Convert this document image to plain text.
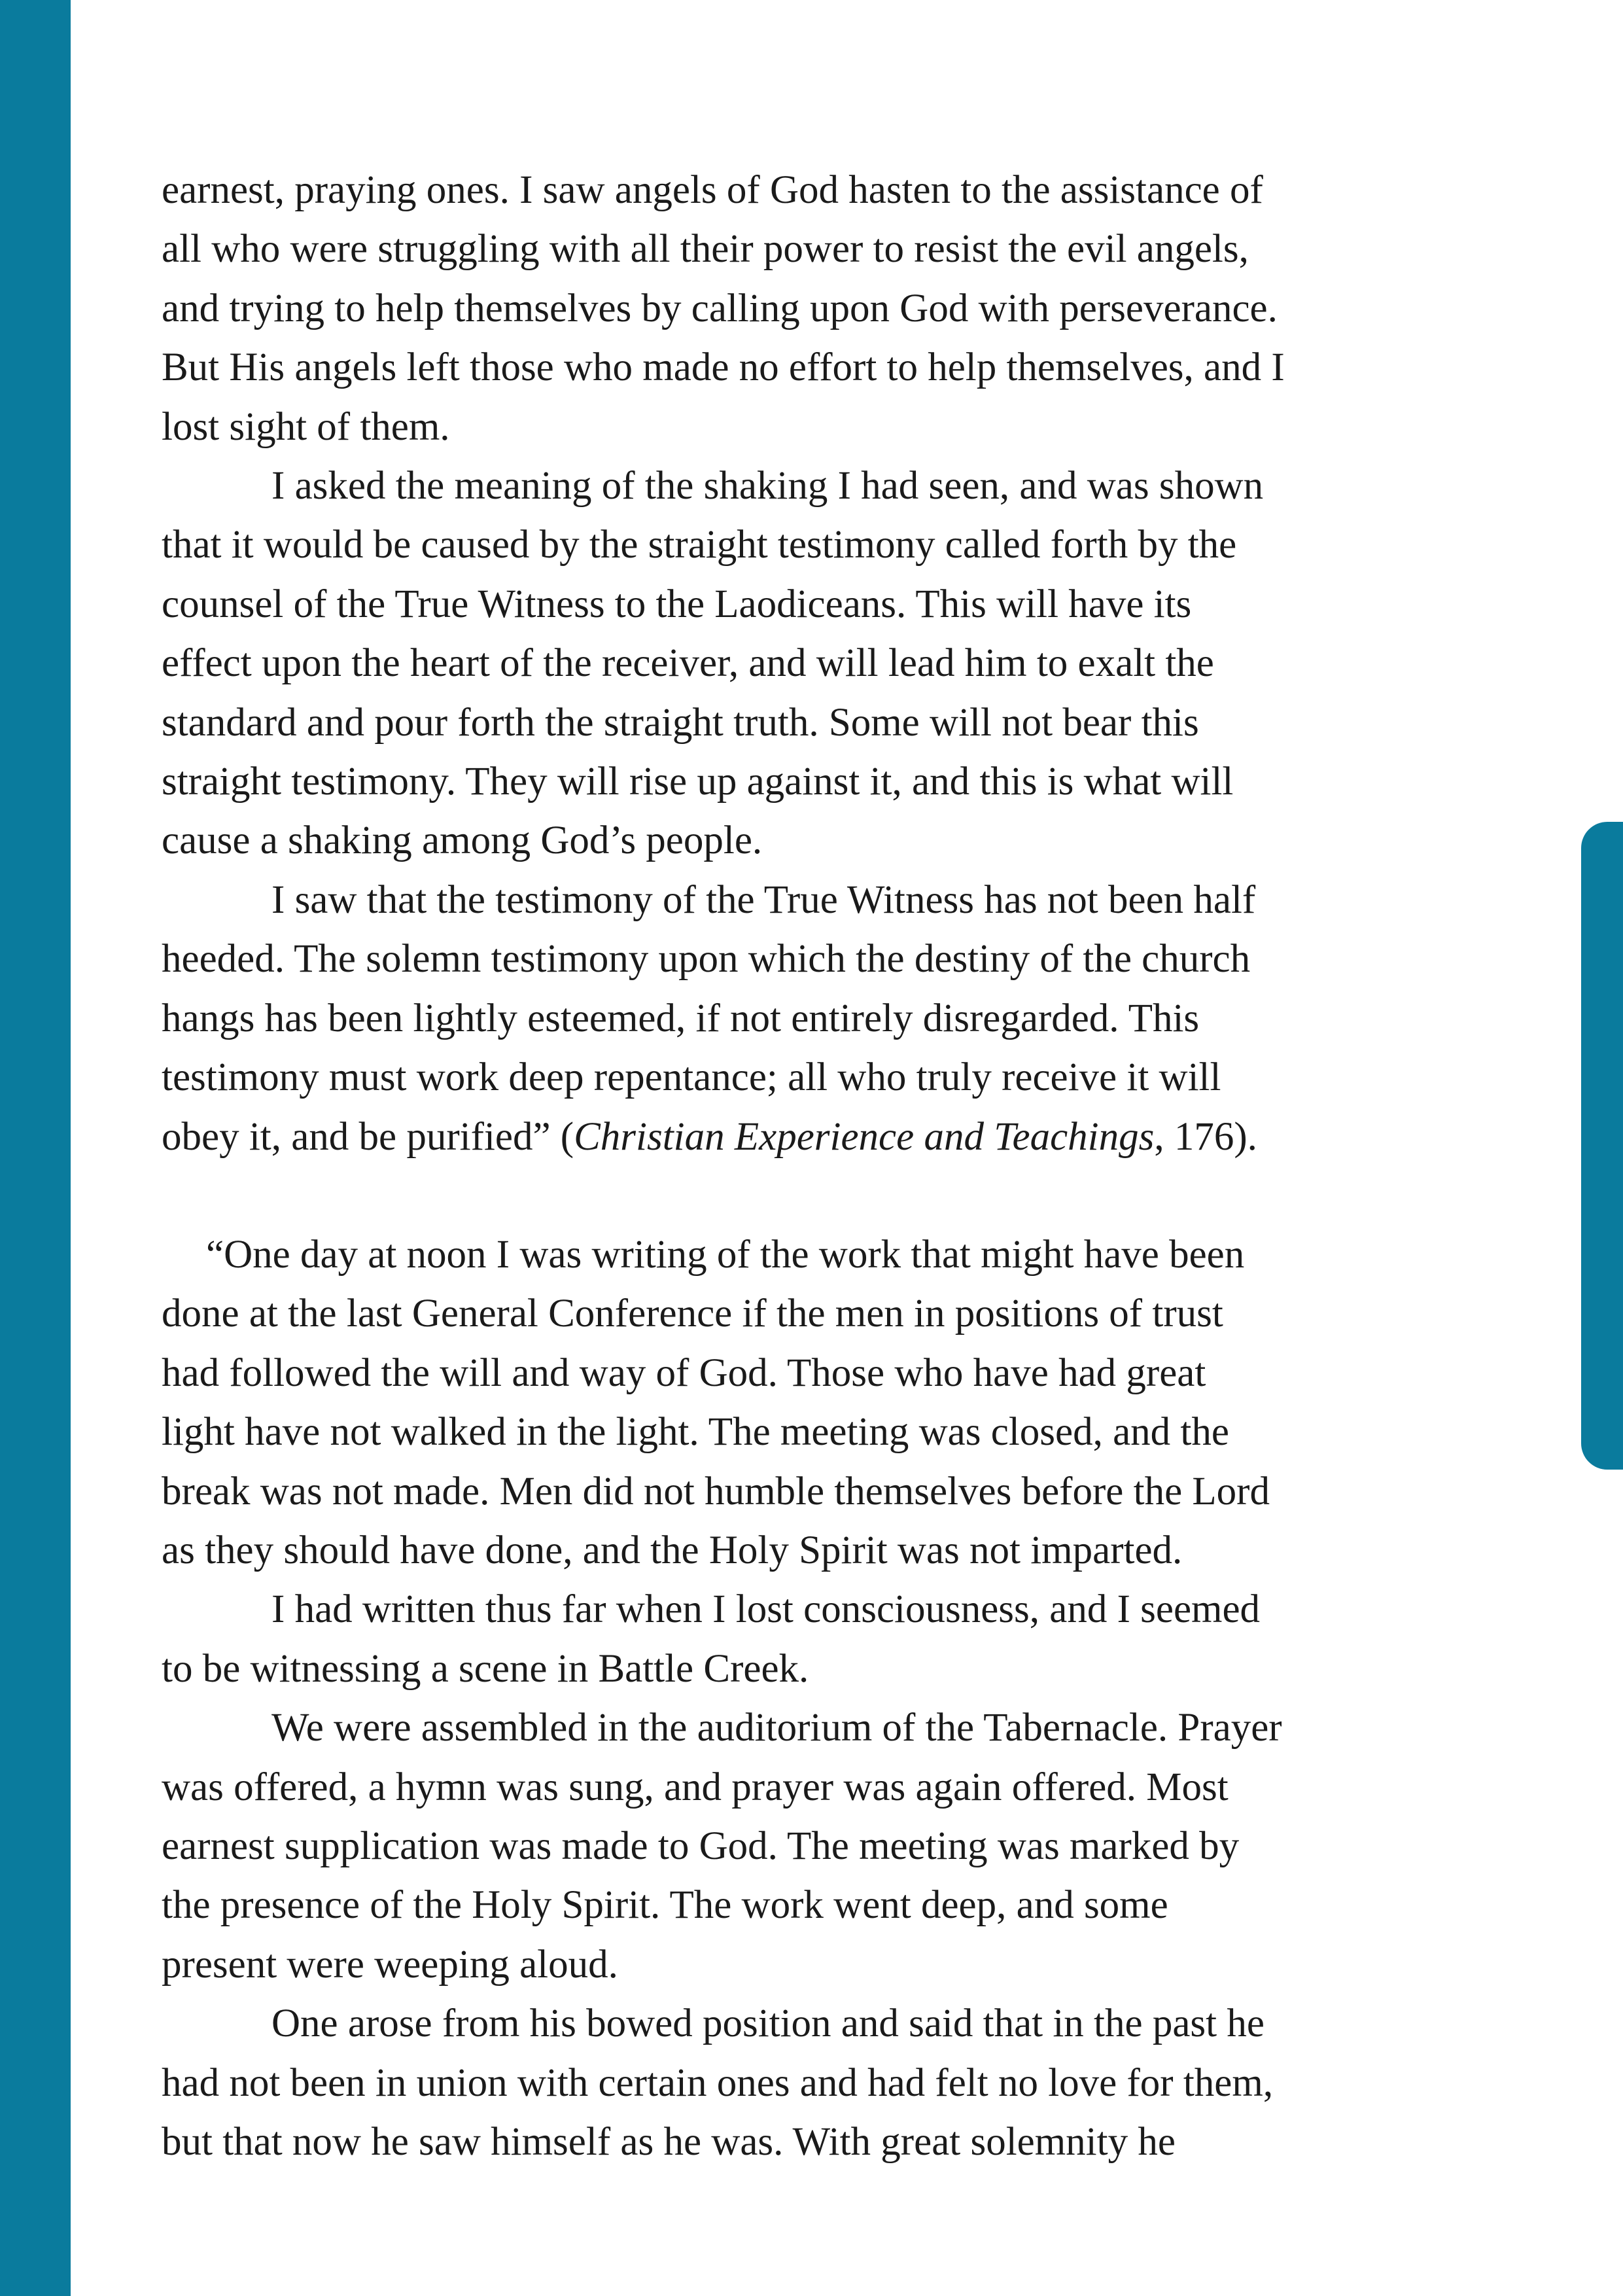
earnest, praying ones. I saw angels of God hasten to the assistance of
all who were struggling with all their power to resist the evil angels,
and trying to help themselves by calling upon God with perseverance.
But His angels left those who made no effort to help themselves, and I
lost sight of them.
I asked the meaning of the shaking I had seen, and was shown
that it would be caused by the straight testimony called forth by the
counsel of the True Witness to the Laodiceans. This will have its
effect upon the heart of the receiver, and will lead him to exalt the
standard and pour forth the straight truth. Some will not bear this
straight testimony. They will rise up against it, and this is what will
cause a shaking among God’s people.
I saw that the testimony of the True Witness has not been half
heeded. The solemn testimony upon which the destiny of the church
hangs has been lightly esteemed, if not entirely disregarded. This
testimony must work deep repentance; all who truly receive it will
obey it, and be purified” (Christian Experience and Teachings, 176).
“One day at noon I was writing of the work that might have been
done at the last General Conference if the men in positions of trust
had followed the will and way of God. Those who have had great
light have not walked in the light. The meeting was closed, and the
break was not made. Men did not humble themselves before the Lord
as they should have done, and the Holy Spirit was not imparted.
I had written thus far when I lost consciousness, and I seemed
to be witnessing a scene in Battle Creek.
We were assembled in the auditorium of the Tabernacle. Prayer
was offered, a hymn was sung, and prayer was again offered. Most
earnest supplication was made to God. The meeting was marked by
the presence of the Holy Spirit. The work went deep, and some
present were weeping aloud.
One arose from his bowed position and said that in the past he
had not been in union with certain ones and had felt no love for them,
but that now he saw himself as he was. With great solemnity he
